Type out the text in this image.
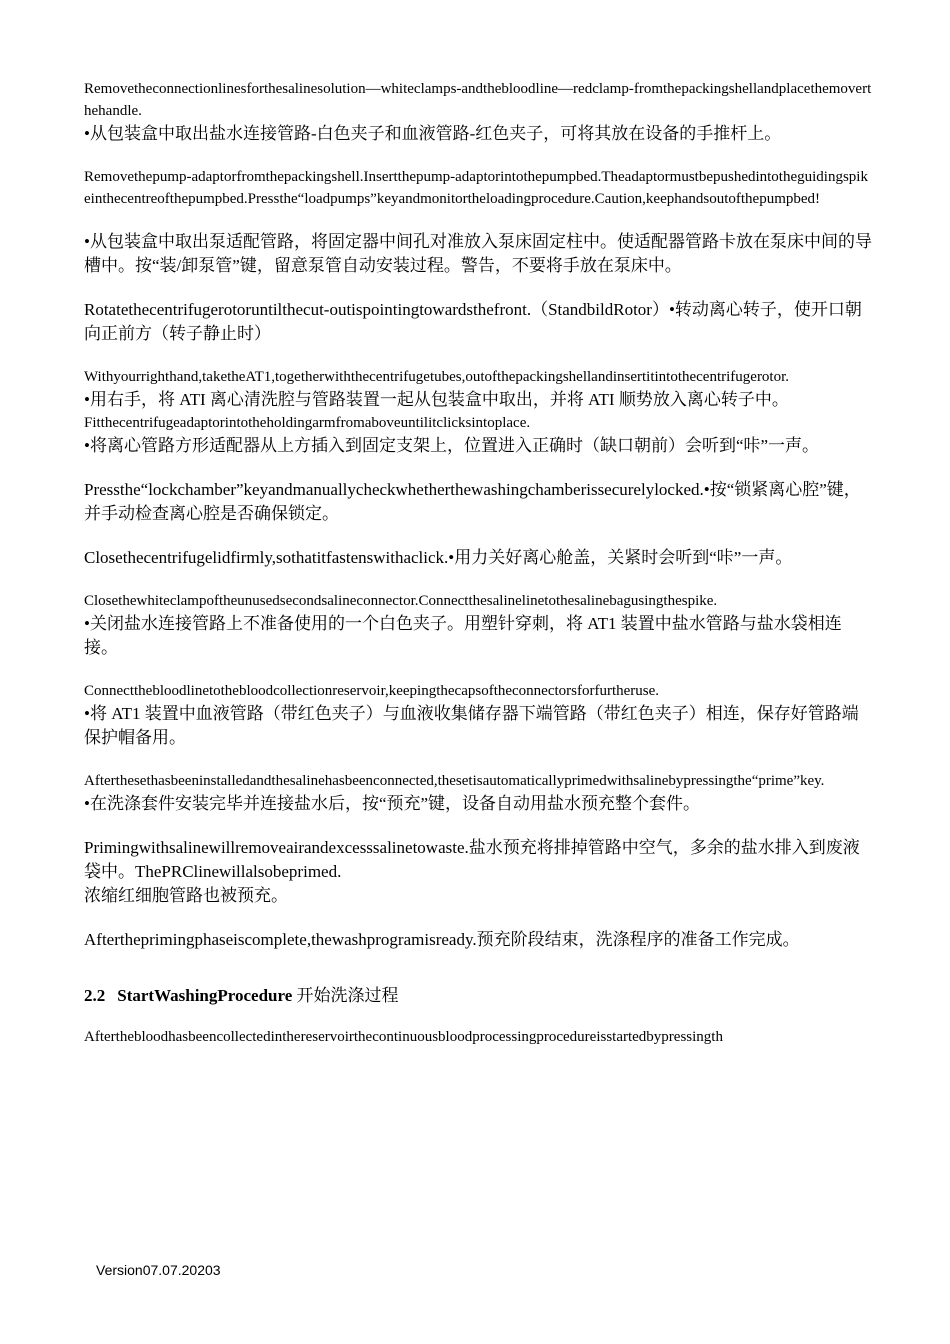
Removetheconnectionlinesforthesalinesolution—whiteclamps-andthebloodline—redclamp-fromthepackingshellandplacethemoverthehandle.
•从包装盒中取出盐水连接管路-白色夹子和血液管路-红色夹子，可将其放在设备的手推杆上。

Removethepump-adaptorfromthepackingshell.Insertthepump-adaptorintothepumpbed.Theadaptormustbepushedintotheguidingspikeinthecentreofthepumpbed.Pressthe“loadpumps”keyandmonitortheloadingprocedure.Caution,keephandsoutofthepumpbed!

•从包装盒中取出泵适配管路，将固定器中间孔对准放入泵床固定柱中。使适配器管路卡放在泵床中间的导槽中。按“装/卸泵管”键，留意泵管自动安装过程。警告，不要将手放在泵床中。

Rotatethecentrifugerotoruntilthecut-outispointingtowardsthefront.（StandbildRotor）•转动离心转子，使开口朝向正前方（转子静止时）

Withyourrighthand,taketheAT1,togetherwiththecentrifugetubes,outofthepackingshellandinsertitintothecentrifugerotor.
•用右手，将 ATI 离心清洗腔与管路装置一起从包装盒中取出，并将 ATI 顺势放入离心转子中。
Fitthecentrifugeadaptorintotheholdingarmfromaboveuntilitclicksintoplace.
•将离心管路方形适配器从上方插入到固定支架上，位置进入正确时（缺口朝前）会听到“咔”一声。

Pressthe“lockchamber”keyandmanuallycheckwhetherthewashingchamberissecurelylocked.•按“锁紧离心腔”键，并手动检查离心腔是否确保锁定。

Closethecentrifugelidfirmly,sothatitfastenswithaclick.•用力关好离心舱盖，关紧时会听到“咔”一声。

Closethewhiteclampoftheunusedsecondsalineconnector.Connectthesalinelinetothesalinebagusingthespike.
•关闭盐水连接管路上不准备使用的一个白色夹子。用塑针穿刺，将 AT1 装置中盐水管路与盐水袋相连接。

Connectthebloodlinetothebloodcollectionreservoir,keepingthecapsoftheconnectorsforfurtheruse.
•将 AT1 装置中血液管路（带红色夹子）与血液收集储存器下端管路（带红色夹子）相连，保存好管路端保护帽备用。

Afterthesethasbeeninstalledandthesalinehasbeenconnected,thesetisautomaticallyprimedwithsalinebypressingthe“prime”key.
•在洗涤套件安装完毕并连接盐水后，按“预充”键，设备自动用盐水预充整个套件。

Primingwithsalinewillremoveairandexcesssalinetowaste.盐水预充将排掉管路中空气，多余的盐水排入到废液袋中。ThePRClinewillalsobeprimed.
浓缩红细胞管路也被预充。

Aftertheprimingphaseiscomplete,thewashprogramisready.预充阶段结束，洗涤程序的准备工作完成。

2.2 StartWashingProcedure 开始洗涤过程

Afterthebloodhasbeencollectedinthereservoirthecontinuousbloodprocessingprocedureisstartedbypressingth

Version07.07.20203
